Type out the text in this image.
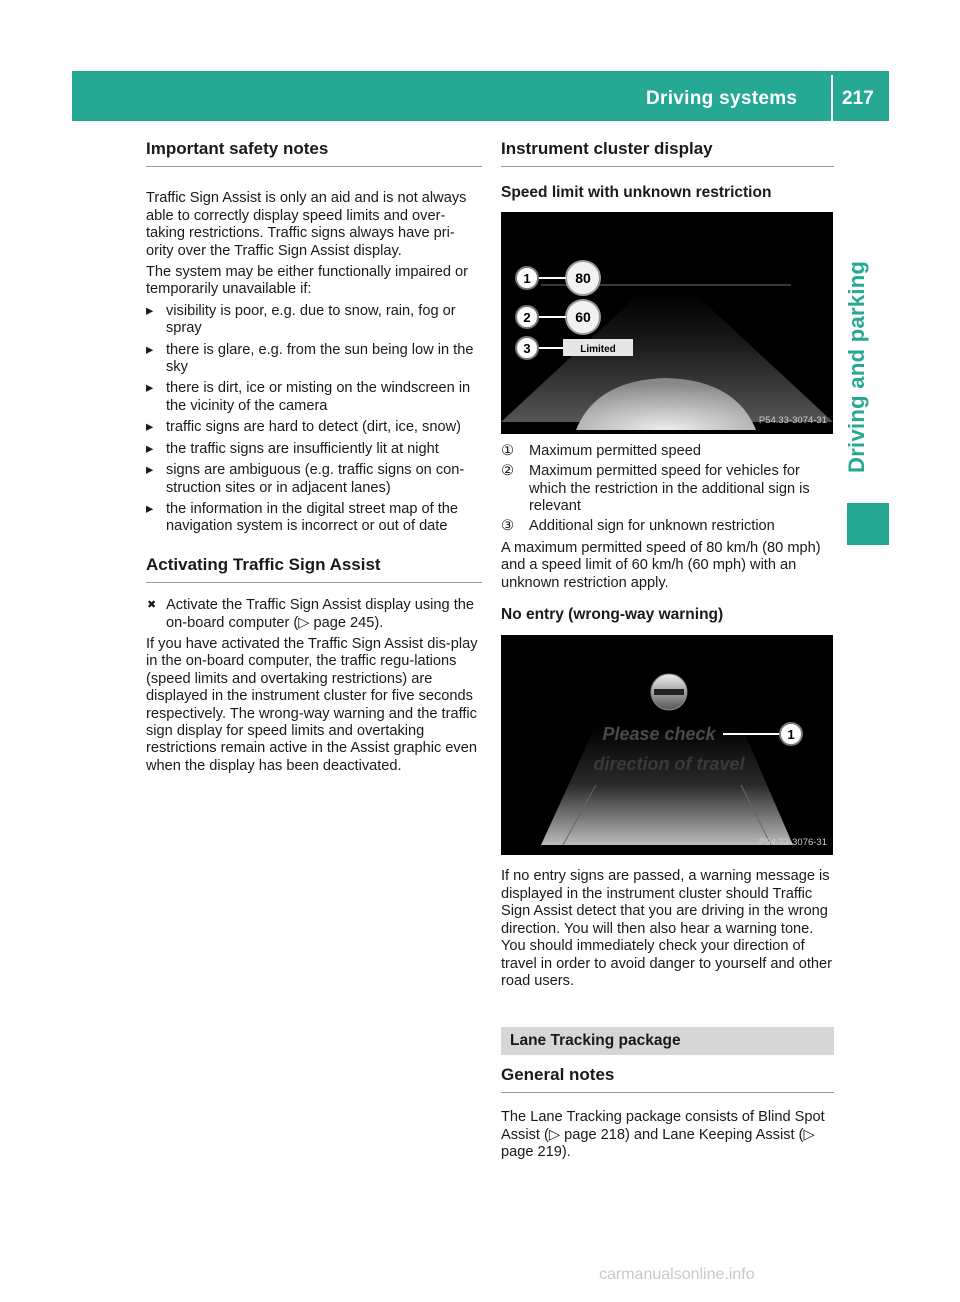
Driving systems 217
Driving and parking
Important safety notes

Traffic Sign Assist is only an aid and is not always able to correctly display speed limits and over-taking restrictions. Traffic signs always have pri-ority over the Traffic Sign Assist display.

The system may be either functionally impaired or temporarily unavailable if:

▸ visibility is poor, e.g. due to snow, rain, fog or spray
▸ there is glare, e.g. from the sun being low in the sky
▸ there is dirt, ice or misting on the windscreen in the vicinity of the camera
▸ traffic signs are hard to detect (dirt, ice, snow)
▸ the traffic signs are insufficiently lit at night
▸ signs are ambiguous (e.g. traffic signs on con-struction sites or in adjacent lanes)
▸ the information in the digital street map of the navigation system is incorrect or out of date
Activating Traffic Sign Assist

✖ Activate the Traffic Sign Assist display using the on-board computer (▷ page 245).

If you have activated the Traffic Sign Assist dis-play in the on-board computer, the traffic regu-lations (speed limits and overtaking restrictions) are displayed in the instrument cluster for five seconds respectively. The wrong-way warning and the traffic sign display for speed limits and overtaking restrictions remain active in the Assist graphic even when the display has been deactivated.

Instrument cluster display
Speed limit with unknown restriction
80
60
Limited
1
2
3
P54.33-3074-31
① Maximum permitted speed
② Maximum permitted speed for vehicles for which the restriction in the additional sign is relevant
③ Additional sign for unknown restriction

A maximum permitted speed of 80 km/h (80 mph) and a speed limit of 60 km/h (60 mph) with an unknown restriction apply.

No entry (wrong-way warning)
Please check
direction of travel
1
P54.33-3076-31

If no entry signs are passed, a warning message is displayed in the instrument cluster should Traffic Sign Assist detect that you are driving in the wrong direction. You will then also hear a warning tone. You should immediately check your direction of travel in order to avoid danger to yourself and other road users.

Lane Tracking package
General notes

The Lane Tracking package consists of Blind Spot Assist (▷ page 218) and Lane Keeping Assist (▷ page 219).

carmanualsonline.info
